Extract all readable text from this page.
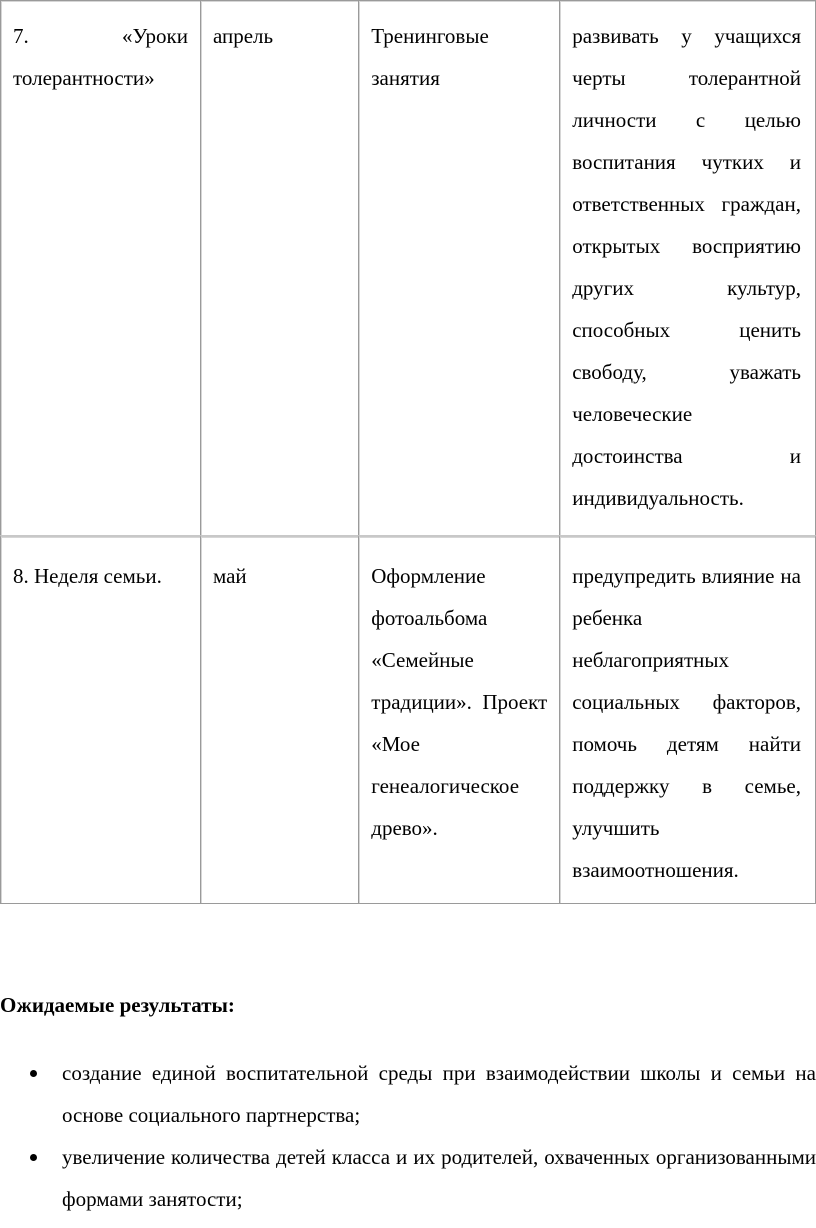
7. «Уроки толерантности»	апрель	Тренинговые занятия	развивать у учащихся черты толерантной личности с целью воспитания чутких и ответственных граждан, открытых восприятию других культур, способных ценить свободу, уважать человеческие достоинства и индивидуальность.
8. Неделя семьи.	май	Оформление фотоальбома «Семейные традиции». Проект «Мое генеалогическое древо».	предупредить влияние на ребенка неблагоприятных социальных факторов, помочь детям найти поддержку в семье, улучшить взаимоотношения.
Ожидаемые результаты:
создание единой воспитательной среды при взаимодействии школы и семьи на основе социального партнерства;
увеличение количества детей класса и их родителей, охваченных организованными формами занятости;
